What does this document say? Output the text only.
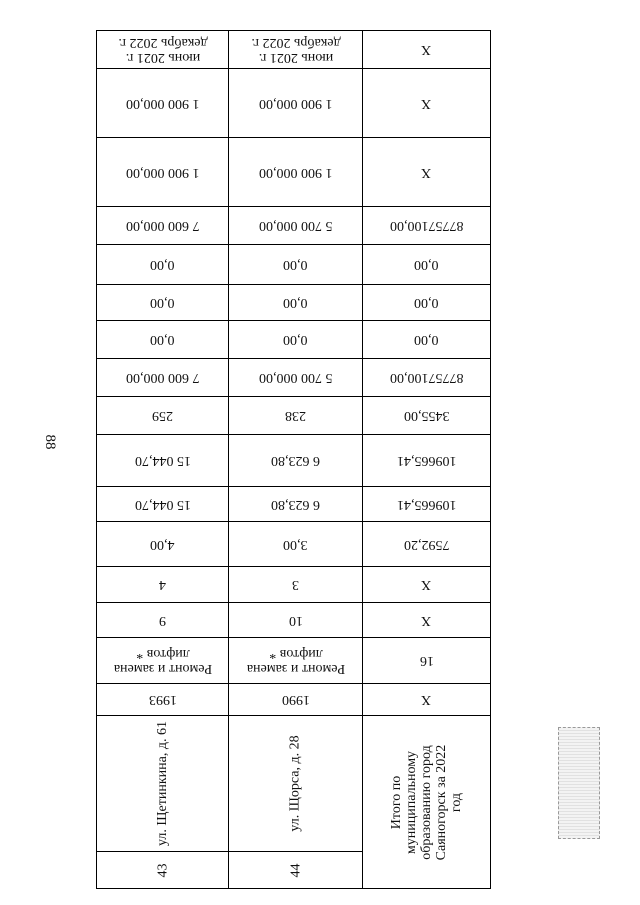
88
июнь 2021 г. декабрь 2022 г.
1 900 000,00
1 900 000,00
7 600 000,00
0,00
0,00
0,00
7 600 000,00
259
15 044,70
15 044,70
4,00
4
9
Ремонт и замена лифтов *
1993
ул. Щетинкина, д. 61
43
июнь 2021 г. декабрь 2022 г.
1 900 000,00
1 900 000,00
5 700 000,00
0,00
0,00
0,00
5 700 000,00
238
6 623,80
6 623,80
3,00
3
10
Ремонт и замена лифтов *
1990
ул. Щорса, д. 28
44
Х
Х
Х
87757100,00
0,00
0,00
0,00
87757100,00
3455,00
109665,41
109665,41
7592,20
Х
Х
16
Х
Итого по муниципальному образованию город Саяногорск за 2022 год
